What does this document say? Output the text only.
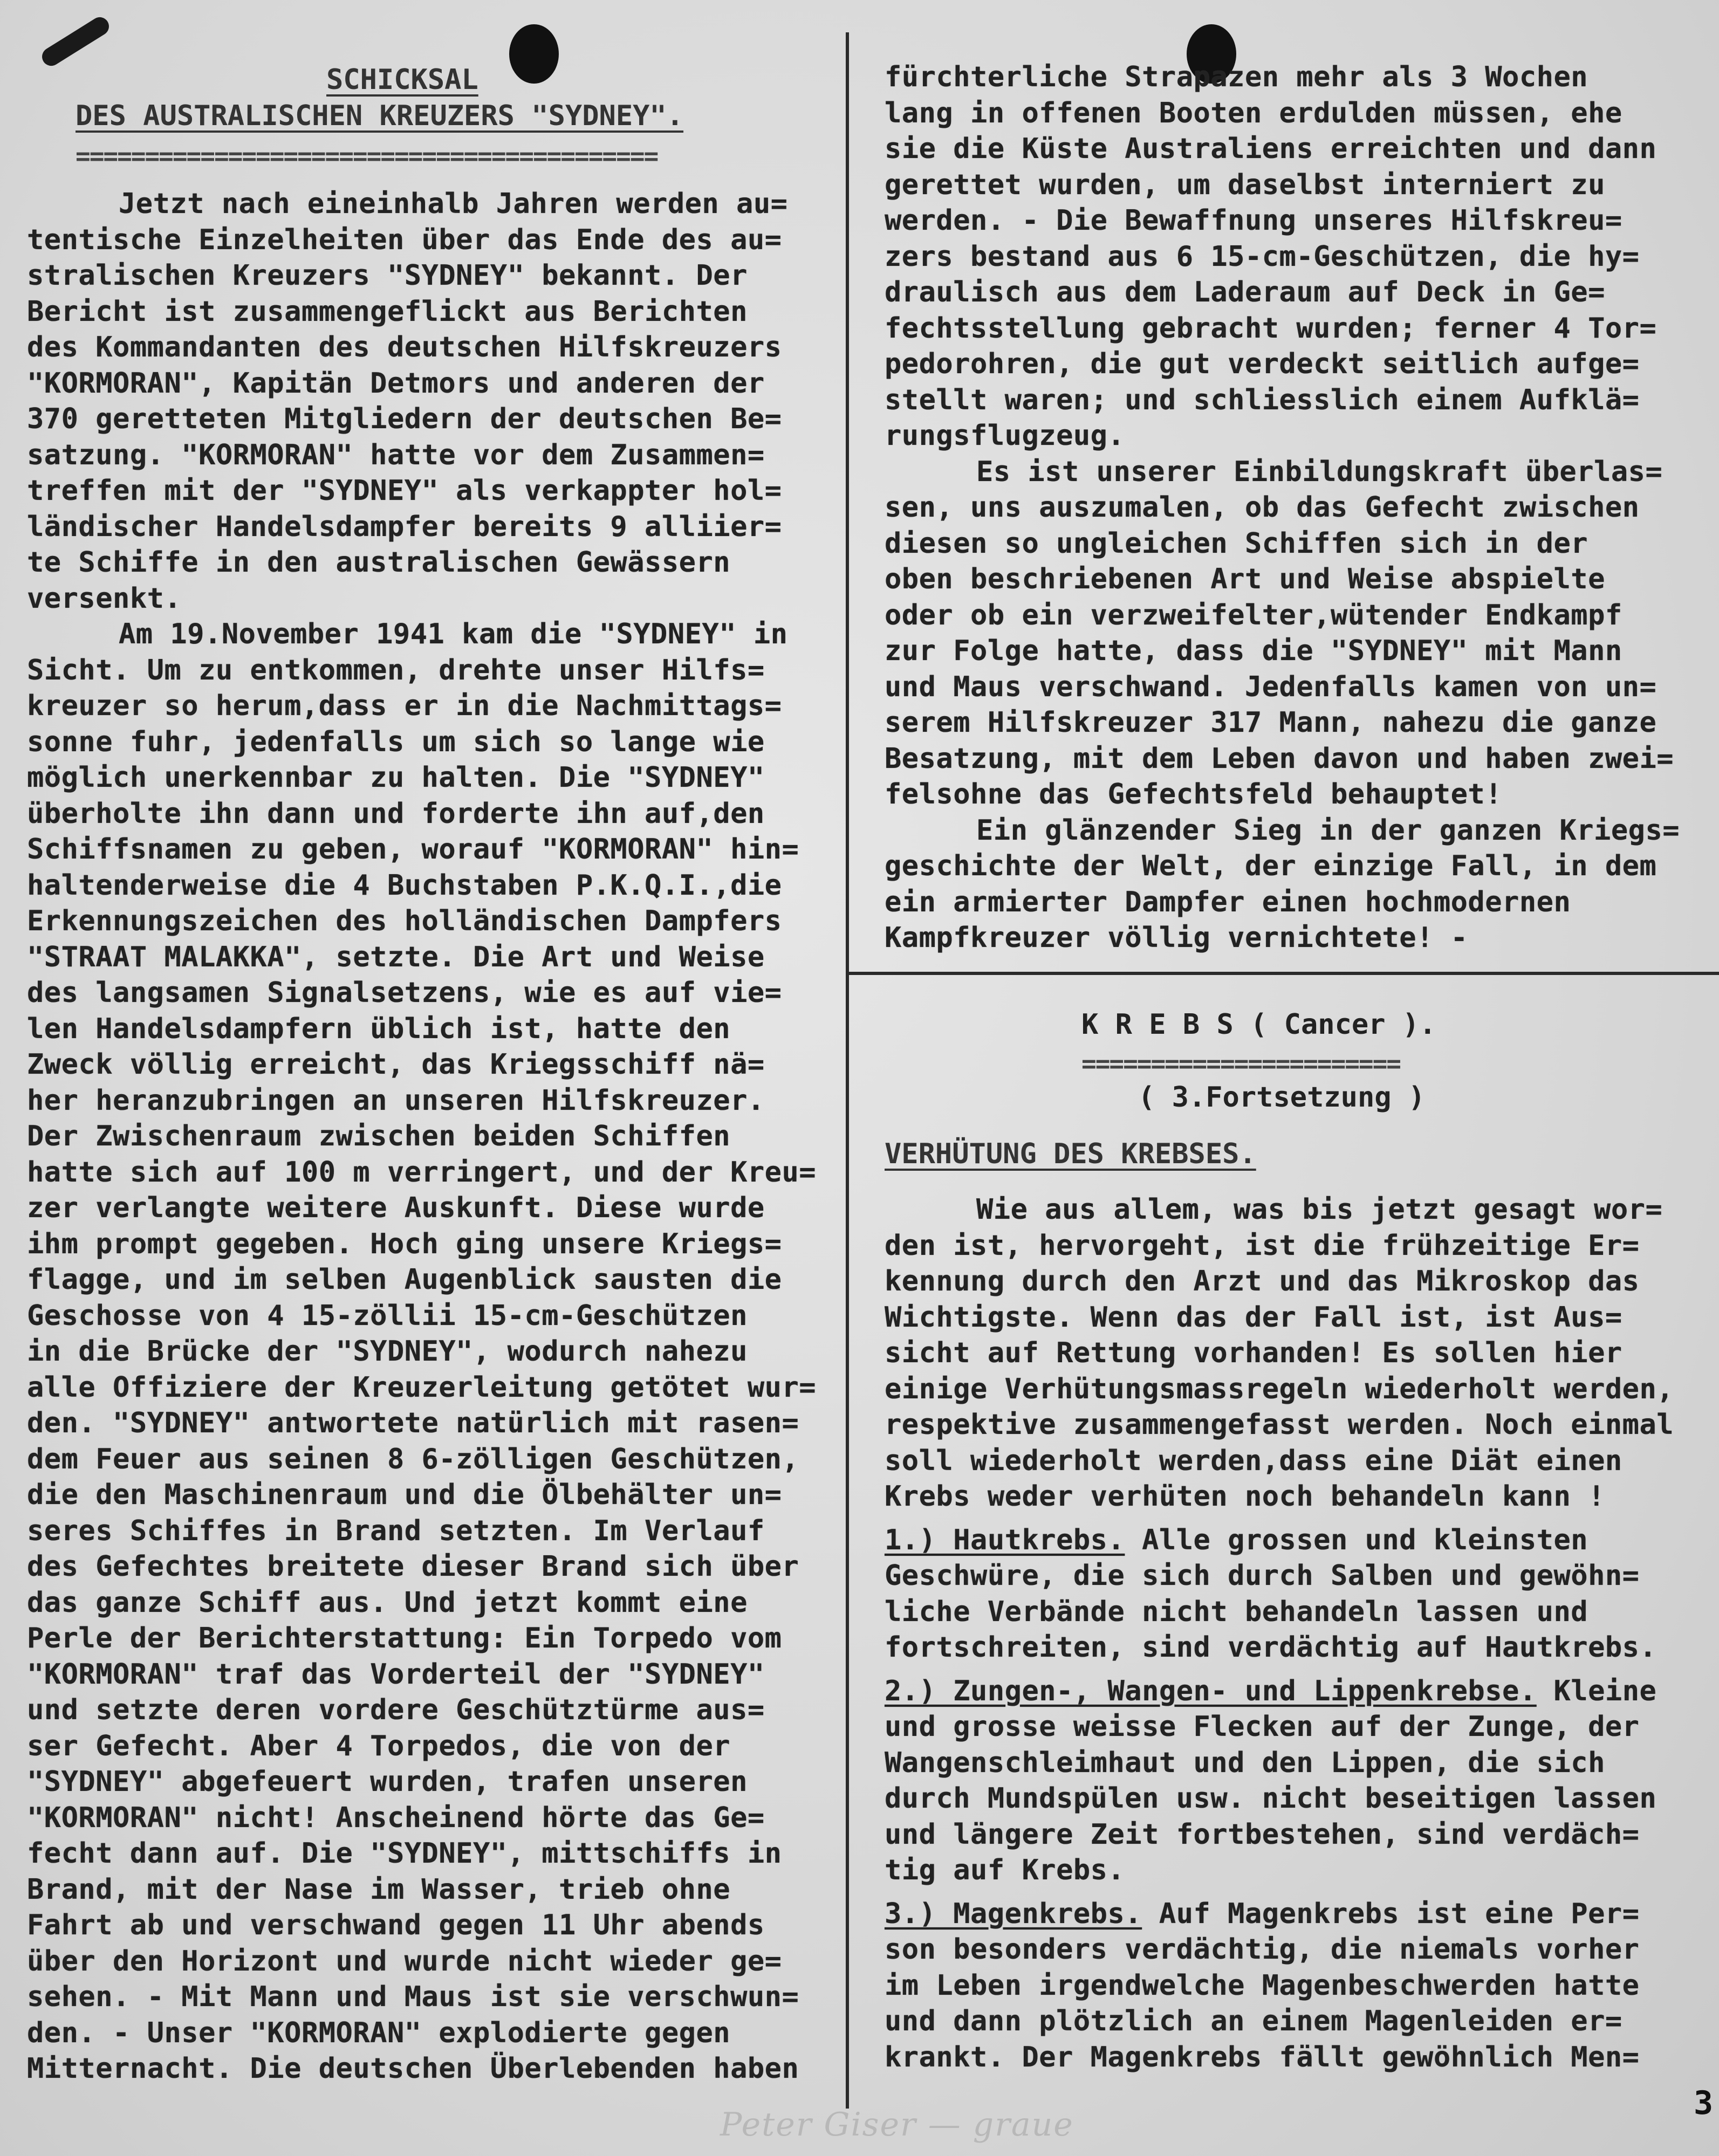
SCHICKSAL
DES AUSTRALISCHEN KREUZERS "SYDNEY".
==========================================

Jetzt nach eineinhalb Jahren werden au=

tentische Einzelheiten über das Ende des au=

stralischen Kreuzers "SYDNEY" bekannt. Der

Bericht ist zusammengeflickt aus Berichten

des Kommandanten des deutschen Hilfskreuzers

"KORMORAN", Kapitän Detmors und anderen der

370 geretteten Mitgliedern der deutschen Be=

satzung. "KORMORAN" hatte vor dem Zusammen=

treffen mit der "SYDNEY" als verkappter hol=

ländischer Handelsdampfer bereits 9 alliier=

te Schiffe in den australischen Gewässern

versenkt.

Am 19.November 1941 kam die "SYDNEY" in

Sicht. Um zu entkommen, drehte unser Hilfs=

kreuzer so herum,dass er in die Nachmittags=

sonne fuhr, jedenfalls um sich so lange wie

möglich unerkennbar zu halten. Die "SYDNEY"

überholte ihn dann und forderte ihn auf,den

Schiffsnamen zu geben, worauf "KORMORAN" hin=

haltenderweise die 4 Buchstaben P.K.Q.I.,die

Erkennungszeichen des holländischen Dampfers

"STRAAT MALAKKA", setzte. Die Art und Weise

des langsamen Signalsetzens, wie es auf vie=

len Handelsdampfern üblich ist, hatte den

Zweck völlig erreicht, das Kriegsschiff nä=

her heranzubringen an unseren Hilfskreuzer.

Der Zwischenraum zwischen beiden Schiffen

hatte sich auf 100 m verringert, und der Kreu=

zer verlangte weitere Auskunft. Diese wurde

ihm prompt gegeben. Hoch ging unsere Kriegs=

flagge, und im selben Augenblick sausten die

Geschosse von 4 15-zöllii 15-cm-Geschützen

in die Brücke der "SYDNEY", wodurch nahezu

alle Offiziere der Kreuzerleitung getötet wur=

den. "SYDNEY" antwortete natürlich mit rasen=

dem Feuer aus seinen 8 6-zölligen Geschützen,

die den Maschinenraum und die Ölbehälter un=

seres Schiffes in Brand setzten. Im Verlauf

des Gefechtes breitete dieser Brand sich über

das ganze Schiff aus. Und jetzt kommt eine

Perle der Berichterstattung: Ein Torpedo vom

"KORMORAN" traf das Vorderteil der "SYDNEY"

und setzte deren vordere Geschütztürme aus=

ser Gefecht. Aber 4 Torpedos, die von der

"SYDNEY" abgefeuert wurden, trafen unseren

"KORMORAN" nicht! Anscheinend hörte das Ge=

fecht dann auf. Die "SYDNEY", mittschiffs in

Brand, mit der Nase im Wasser, trieb ohne

Fahrt ab und verschwand gegen 11 Uhr abends

über den Horizont und wurde nicht wieder ge=

sehen. - Mit Mann und Maus ist sie verschwun=

den. - Unser "KORMORAN" explodierte gegen

Mitternacht. Die deutschen Überlebenden haben

fürchterliche Strapazen mehr als 3 Wochen

lang in offenen Booten erdulden müssen, ehe

sie die Küste Australiens erreichten und dann

gerettet wurden, um daselbst interniert zu

werden. - Die Bewaffnung unseres Hilfskreu=

zers bestand aus 6 15-cm-Geschützen, die hy=

draulisch aus dem Laderaum auf Deck in Ge=

fechtsstellung gebracht wurden; ferner 4 Tor=

pedorohren, die gut verdeckt seitlich aufge=

stellt waren; und schliesslich einem Aufklä=

rungsflugzeug.

Es ist unserer Einbildungskraft überlas=

sen, uns auszumalen, ob das Gefecht zwischen

diesen so ungleichen Schiffen sich in der

oben beschriebenen Art und Weise abspielte

oder ob ein verzweifelter,wütender Endkampf

zur Folge hatte, dass die "SYDNEY" mit Mann

und Maus verschwand. Jedenfalls kamen von un=

serem Hilfskreuzer 317 Mann, nahezu die ganze

Besatzung, mit dem Leben davon und haben zwei=

felsohne das Gefechtsfeld behauptet!

Ein glänzender Sieg in der ganzen Kriegs=

geschichte der Welt, der einzige Fall, in dem

ein armierter Dampfer einen hochmodernen

Kampfkreuzer völlig vernichtete! -

K R E B S ( Cancer ).
=======================
( 3.Fortsetzung )
VERHÜTUNG DES KREBSES.

Wie aus allem, was bis jetzt gesagt wor=

den ist, hervorgeht, ist die frühzeitige Er=

kennung durch den Arzt und das Mikroskop das

Wichtigste. Wenn das der Fall ist, ist Aus=

sicht auf Rettung vorhanden! Es sollen hier

einige Verhütungsmassregeln wiederholt werden,

respektive zusammengefasst werden. Noch einmal

soll wiederholt werden,dass eine Diät einen

Krebs weder verhüten noch behandeln kann !

1.) Hautkrebs. Alle grossen und kleinsten

Geschwüre, die sich durch Salben und gewöhn=

liche Verbände nicht behandeln lassen und

fortschreiten, sind verdächtig auf Hautkrebs.

2.) Zungen-, Wangen- und Lippenkrebse. Kleine

und grosse weisse Flecken auf der Zunge, der

Wangenschleimhaut und den Lippen, die sich

durch Mundspülen usw. nicht beseitigen lassen

und längere Zeit fortbestehen, sind verdäch=

tig auf Krebs.

3.) Magenkrebs. Auf Magenkrebs ist eine Per=

son besonders verdächtig, die niemals vorher

im Leben irgendwelche Magenbeschwerden hatte

und dann plötzlich an einem Magenleiden er=

krankt. Der Magenkrebs fällt gewöhnlich Men=

Peter Giser — graue
3
